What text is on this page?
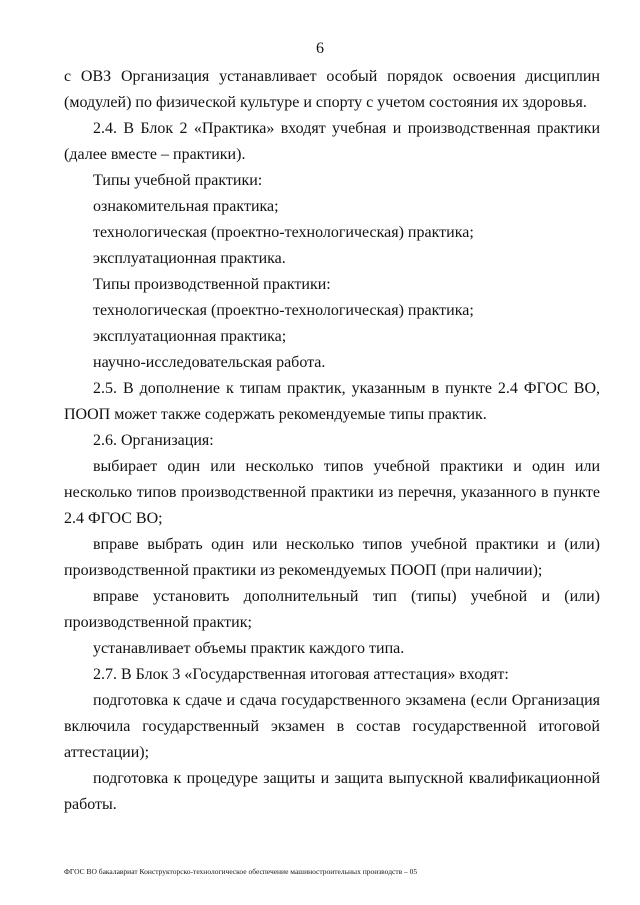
6

с ОВЗ Организация устанавливает особый порядок освоения дисциплин (модулей) по физической культуре и спорту с учетом состояния их здоровья.

2.4. В Блок 2 «Практика» входят учебная и производственная практики (далее вместе – практики).

Типы учебной практики:

ознакомительная практика;

технологическая (проектно-технологическая) практика;

эксплуатационная практика.

Типы производственной практики:

технологическая (проектно-технологическая) практика;

эксплуатационная практика;

научно-исследовательская работа.

2.5. В дополнение к типам практик, указанным в пункте 2.4 ФГОС ВО, ПООП может также содержать рекомендуемые типы практик.

2.6. Организация:

выбирает один или несколько типов учебной практики и один или несколько типов производственной практики из перечня, указанного в пункте 2.4 ФГОС ВО;

вправе выбрать один или несколько типов учебной практики и (или) производственной практики из рекомендуемых ПООП (при наличии);

вправе установить дополнительный тип (типы) учебной и (или) производственной практик;

устанавливает объемы практик каждого типа.

2.7. В Блок 3 «Государственная итоговая аттестация» входят:

подготовка к сдаче и сдача государственного экзамена (если Организация включила государственный экзамен в состав государственной итоговой аттестации);

подготовка к процедуре защиты и защита выпускной квалификационной работы.

ФГОС ВО бакалавриат Конструкторско-технологическое обеспечение машиностроительных производств – 05
